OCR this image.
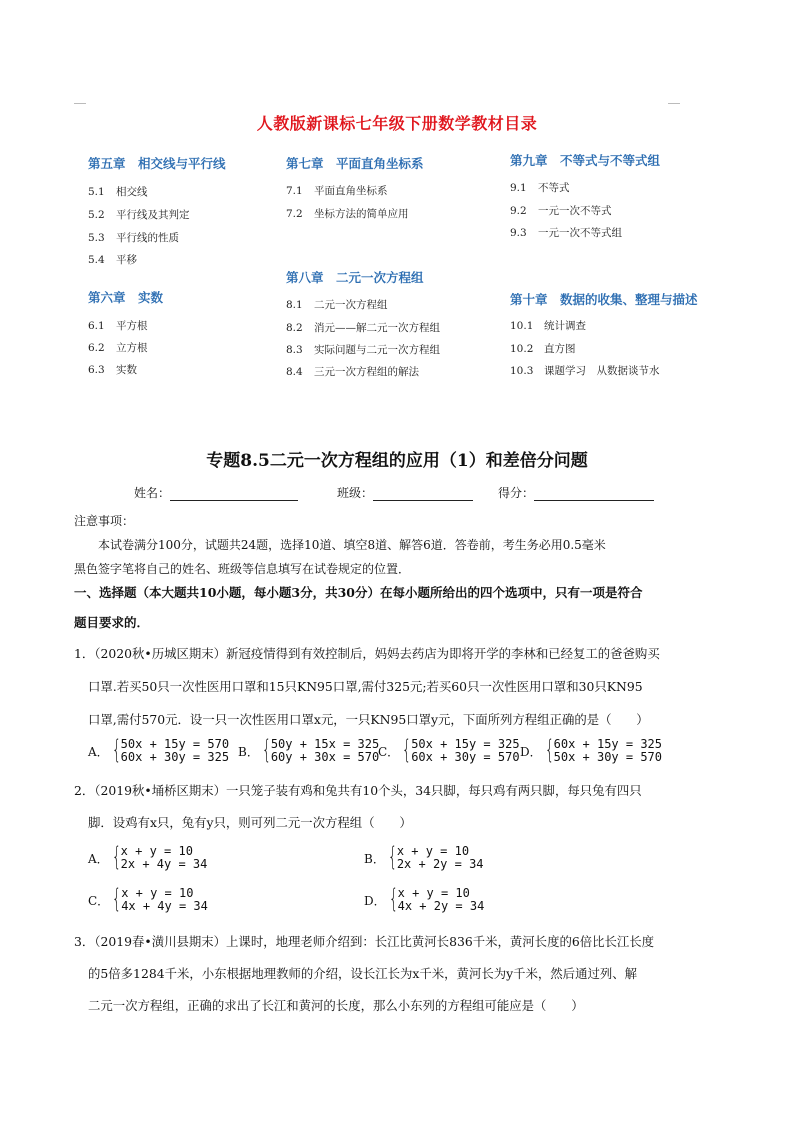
人教版新课标七年级下册数学教材目录
第五章　相交线与平行线
5.1 相交线
5.2 平行线及其判定
5.3 平行线的性质
5.4 平移
第六章　实数
6.1 平方根
6.2 立方根
6.3 实数
第七章　平面直角坐标系
7.1 平面直角坐标系
7.2 坐标方法的简单应用
第八章　二元一次方程组
8.1 二元一次方程组
8.2 消元——解二元一次方程组
8.3 实际问题与二元一次方程组
8.4 三元一次方程组的解法
第九章　不等式与不等式组
9.1 不等式
9.2 一元一次不等式
9.3 一元一次不等式组
第十章　数据的收集、整理与描述
10.1 统计调查
10.2 直方图
10.3 课题学习　从数据谈节水
专题8.5二元一次方程组的应用（1）和差倍分问题
姓名：	班级：	得分：
注意事项：
本试卷满分100分，试题共24题，选择10道、填空8道、解答6道．答卷前，考生务必用0.5毫米
黑色签字笔将自己的姓名、班级等信息填写在试卷规定的位置．
一、选择题（本大题共10小题，每小题3分，共30分）在每小题所给出的四个选项中，只有一项是符合
题目要求的．
1．（2020秋•历城区期末）新冠疫情得到有效控制后，妈妈去药店为即将开学的李林和已经复工的爸爸购买
口罩.若买50只一次性医用口罩和15只KN95口罩,需付325元;若买60只一次性医用口罩和30只KN95
口罩,需付570元．设一只一次性医用口罩x元，一只KN95口罩y元，下面所列方程组正确的是（　　）
A． { 50x + 15y = 570
60x + 30y = 325 B． { 50y + 15x = 325
60y + 30x = 570
C． { 50x + 15y = 325
60x + 30y = 570 D． { 60x + 15y = 325
50x + 30y = 570
2．（2019秋•埇桥区期末）一只笼子装有鸡和兔共有10个头，34只脚，每只鸡有两只脚，每只兔有四只
脚．设鸡有x只，兔有y只，则可列二元一次方程组（　　）
A． { x + y = 10
2x + 4y = 34	B． { x + y = 10
2x + 2y = 34
C． { x + y = 10
4x + 4y = 34	D． { x + y = 10
4x + 2y = 34
3．（2019春•潢川县期末）上课时，地理老师介绍到：长江比黄河长836千米，黄河长度的6倍比长江长度
的5倍多1284千米，小东根据地理教师的介绍，设长江长为x千米，黄河长为y千米，然后通过列、解
二元一次方程组，正确的求出了长江和黄河的长度，那么小东列的方程组可能应是（　　）
